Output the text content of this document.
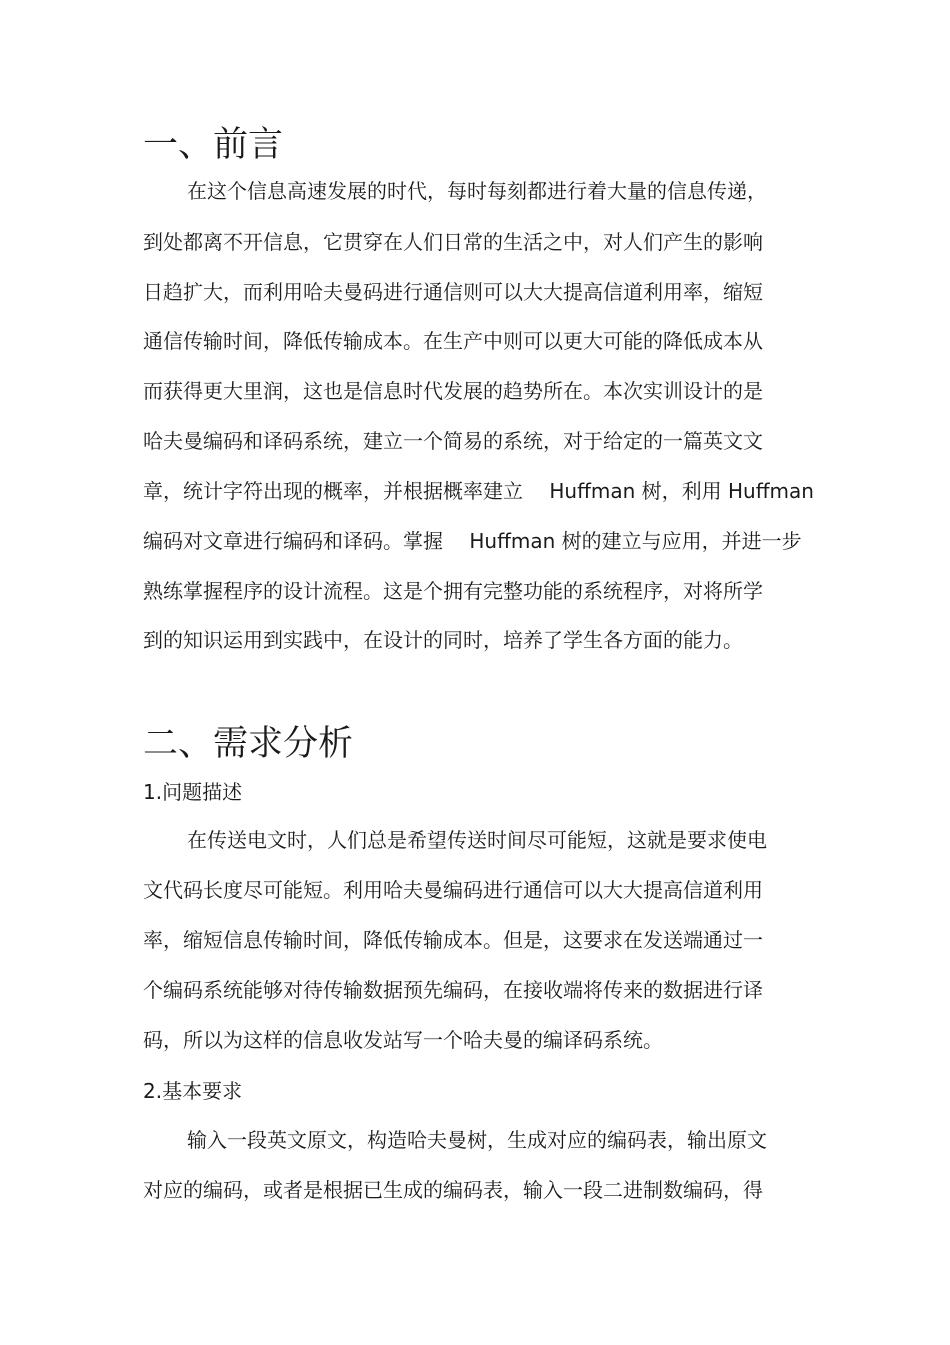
一、前言

在这个信息高速发展的时代，每时每刻都进行着大量的信息传递，

到处都离不开信息，它贯穿在人们日常的生活之中，对人们产生的影响

日趋扩大，而利用哈夫曼码进行通信则可以大大提高信道利用率，缩短

通信传输时间，降低传输成本。在生产中则可以更大可能的降低成本从

而获得更大里润，这也是信息时代发展的趋势所在。本次实训设计的是

哈夫曼编码和译码系统，建立一个简易的系统，对于给定的一篇英文文

章，统计字符出现的概率，并根据概率建立　 Huffman 树，利用 Huffman

编码对文章进行编码和译码。掌握　 Huffman 树的建立与应用，并进一步

熟练掌握程序的设计流程。这是个拥有完整功能的系统程序，对将所学

到的知识运用到实践中，在设计的同时，培养了学生各方面的能力。

二、需求分析

1.问题描述

在传送电文时，人们总是希望传送时间尽可能短，这就是要求使电

文代码长度尽可能短。利用哈夫曼编码进行通信可以大大提高信道利用

率，缩短信息传输时间，降低传输成本。但是，这要求在发送端通过一

个编码系统能够对待传输数据预先编码，在接收端将传来的数据进行译

码，所以为这样的信息收发站写一个哈夫曼的编译码系统。

2.基本要求

输入一段英文原文，构造哈夫曼树，生成对应的编码表，输出原文

对应的编码，或者是根据已生成的编码表，输入一段二进制数编码，得
